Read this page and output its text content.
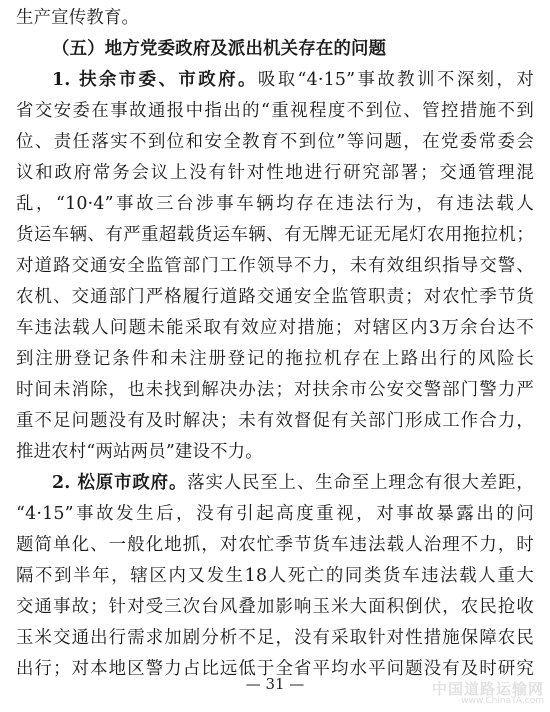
生产宣传教育。
（五）地方党委政府及派出机关存在的问题
1. 扶余市委、市政府。吸取“4·15”事故教训不深刻，对
省交安委在事故通报中指出的“重视程度不到位、管控措施不到
位、责任落实不到位和安全教育不到位”等问题，在党委常委会
议和政府常务会议上没有针对性地进行研究部署；交通管理混
乱，“10·4”事故三台涉事车辆均存在违法行为，有违法载人
货运车辆、有严重超载货运车辆、有无牌无证无尾灯农用拖拉机；
对道路交通安全监管部门工作领导不力，未有效组织指导交警、
农机、交通部门严格履行道路交通安全监管职责；对农忙季节货
车违法载人问题未能采取有效应对措施；对辖区内3万余台达不
到注册登记条件和未注册登记的拖拉机存在上路出行的风险长
时间未消除，也未找到解决办法；对扶余市公安交警部门警力严
重不足问题没有及时解决；未有效督促有关部门形成工作合力，
推进农村“两站两员”建设不力。
2. 松原市政府。落实人民至上、生命至上理念有很大差距，
“4·15”事故发生后，没有引起高度重视，对事故暴露出的问
题简单化、一般化地抓，对农忙季节货车违法载人治理不力，时
隔不到半年，辖区内又发生18人死亡的同类货车违法载人重大
交通事故；针对受三次台风叠加影响玉米大面积倒伏，农民抢收
玉米交通出行需求加剧分析不足，没有采取针对性措施保障农民
出行；对本地区警力占比远低于全省平均水平问题没有及时研究
— 31 —	中国道路运输网
www.ChinaTA.com
